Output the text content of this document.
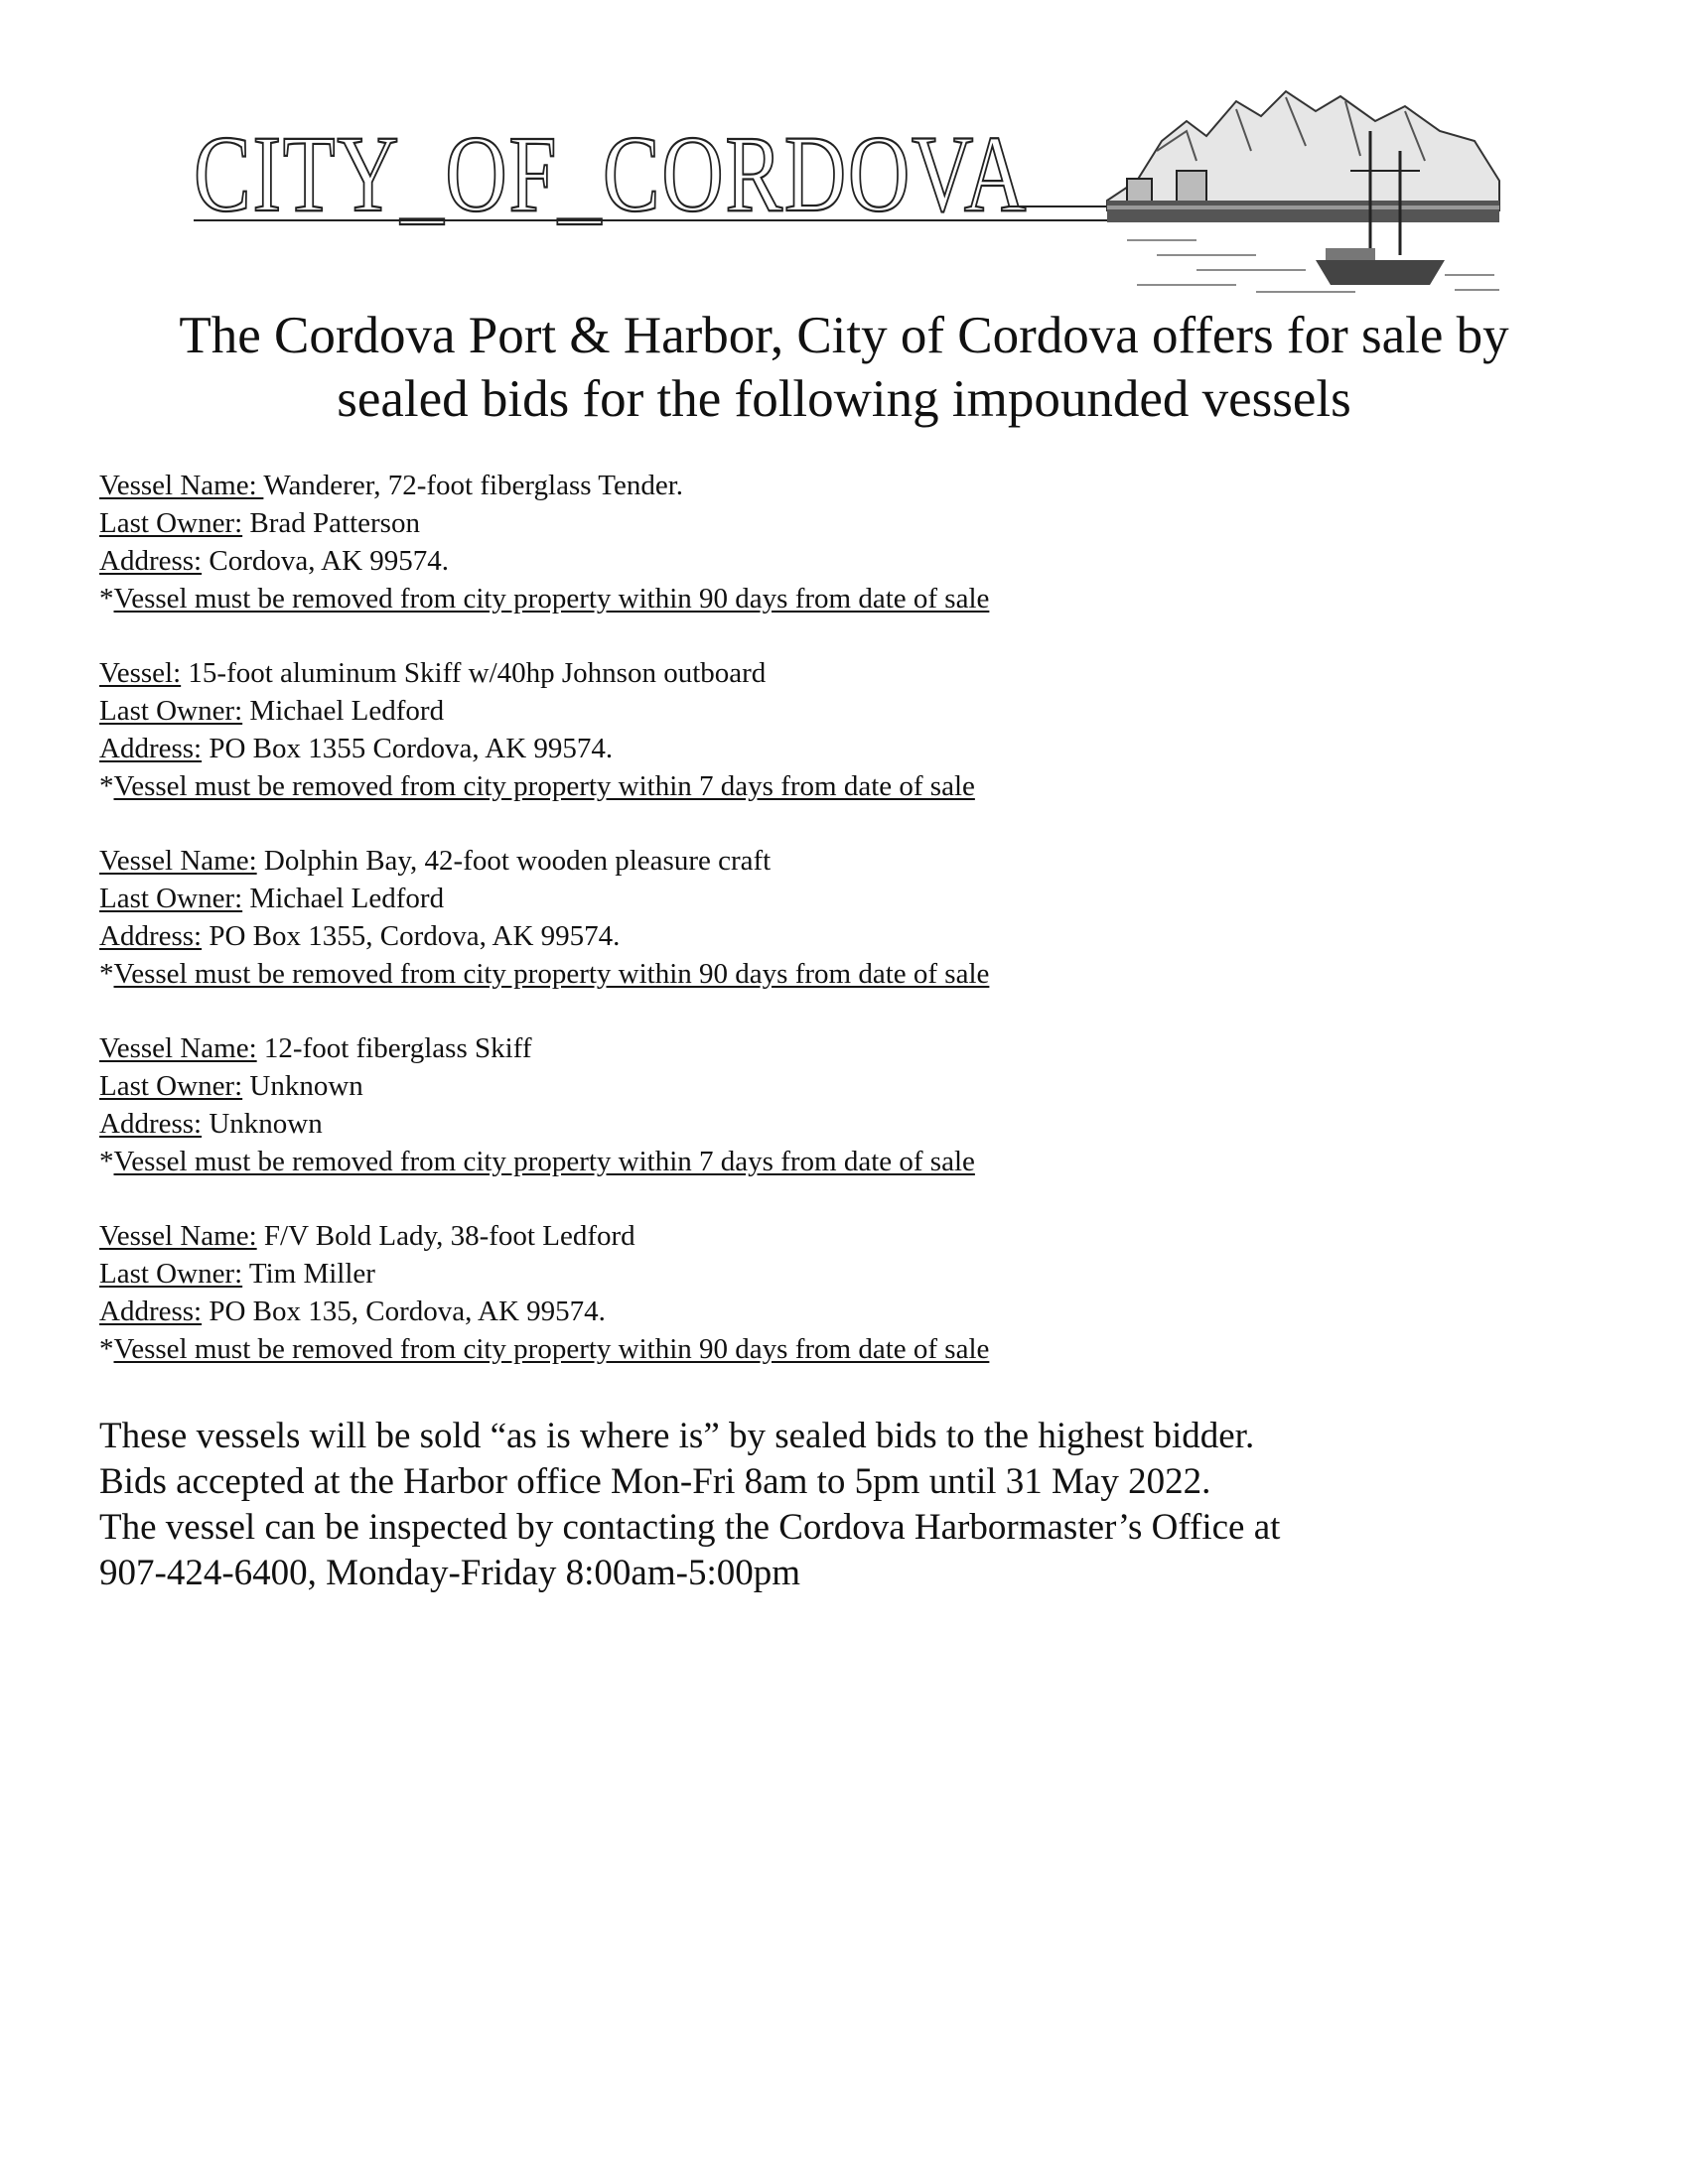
CITY_OF_CORDOVA
The Cordova Port & Harbor, City of Cordova offers for sale by
sealed bids for the following impounded vessels
Vessel Name: Wanderer, 72-foot fiberglass Tender.
Last Owner: Brad Patterson
Address: Cordova, AK 99574.
*Vessel must be removed from city property within 90 days from date of sale
Vessel: 15-foot aluminum Skiff w/40hp Johnson outboard
Last Owner: Michael Ledford
Address: PO Box 1355 Cordova, AK 99574.
*Vessel must be removed from city property within 7 days from date of sale
Vessel Name: Dolphin Bay, 42-foot wooden pleasure craft
Last Owner: Michael Ledford
Address: PO Box 1355, Cordova, AK 99574.
*Vessel must be removed from city property within 90 days from date of sale
Vessel Name: 12-foot fiberglass Skiff
Last Owner: Unknown
Address: Unknown
*Vessel must be removed from city property within 7 days from date of sale
Vessel Name: F/V Bold Lady, 38-foot Ledford
Last Owner: Tim Miller
Address: PO Box 135, Cordova, AK 99574.
*Vessel must be removed from city property within 90 days from date of sale
These vessels will be sold “as is where is” by sealed bids to the highest bidder.
Bids accepted at the Harbor office Mon-Fri 8am to 5pm until 31 May 2022.
The vessel can be inspected by contacting the Cordova Harbormaster’s Office at
907-424-6400, Monday-Friday 8:00am-5:00pm
